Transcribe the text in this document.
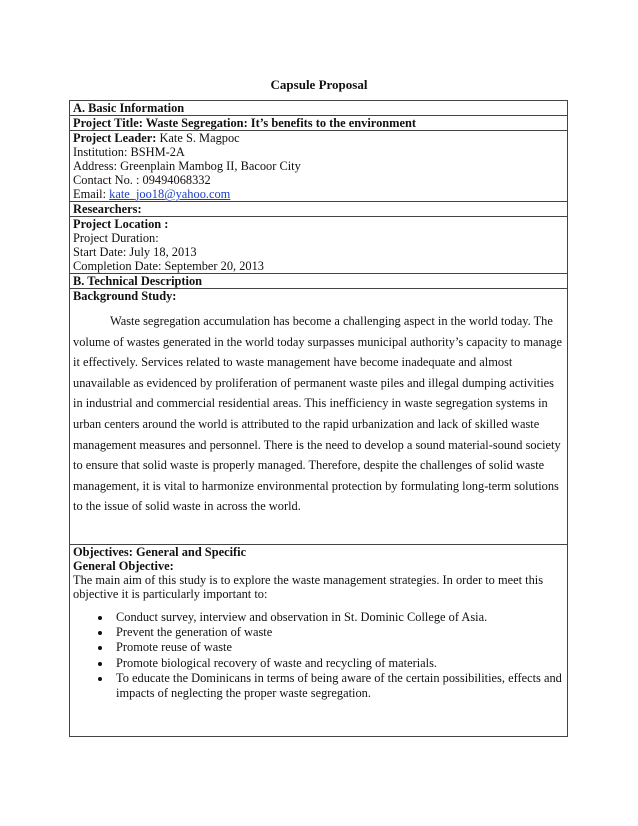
Capsule Proposal
A. Basic Information
Project Title: Waste Segregation: It’s benefits to the environment

Project Leader: Kate S. Magpoc
Institution: BSHM-2A
Address: Greenplain Mambog II, Bacoor City
Contact No. : 09494068332
Email: kate_joo18@yahoo.com

Researchers:

Project Location :
Project Duration:
Start Date: July 18, 2013
Completion Date: September 20, 2013

B. Technical Description

Background Study:

Waste segregation accumulation has become a challenging aspect in the world today. The volume of wastes generated in the world today surpasses municipal authority’s capacity to manage it effectively. Services related to waste management have become inadequate and almost unavailable as evidenced by proliferation of permanent waste piles and illegal dumping activities in industrial and commercial residential areas. This inefficiency in waste segregation systems in urban centers around the world is attributed to the rapid urbanization and lack of skilled waste management measures and personnel. There is the need to develop a sound material-sound society to ensure that solid waste is properly managed. Therefore, despite the challenges of solid waste management, it is vital to harmonize environmental protection by formulating long-term solutions to the issue of solid waste in across the world.

Objectives: General and Specific
General Objective:
The main aim of this study is to explore the waste management strategies. In order to meet this objective it is particularly important to:
• Conduct survey, interview and observation in St. Dominic College of Asia.
• Prevent the generation of waste
• Promote reuse of waste
• Promote biological recovery of waste and recycling of materials.
• To educate the Dominicans in terms of being aware of the certain possibilities, effects and impacts of neglecting the proper waste segregation.
